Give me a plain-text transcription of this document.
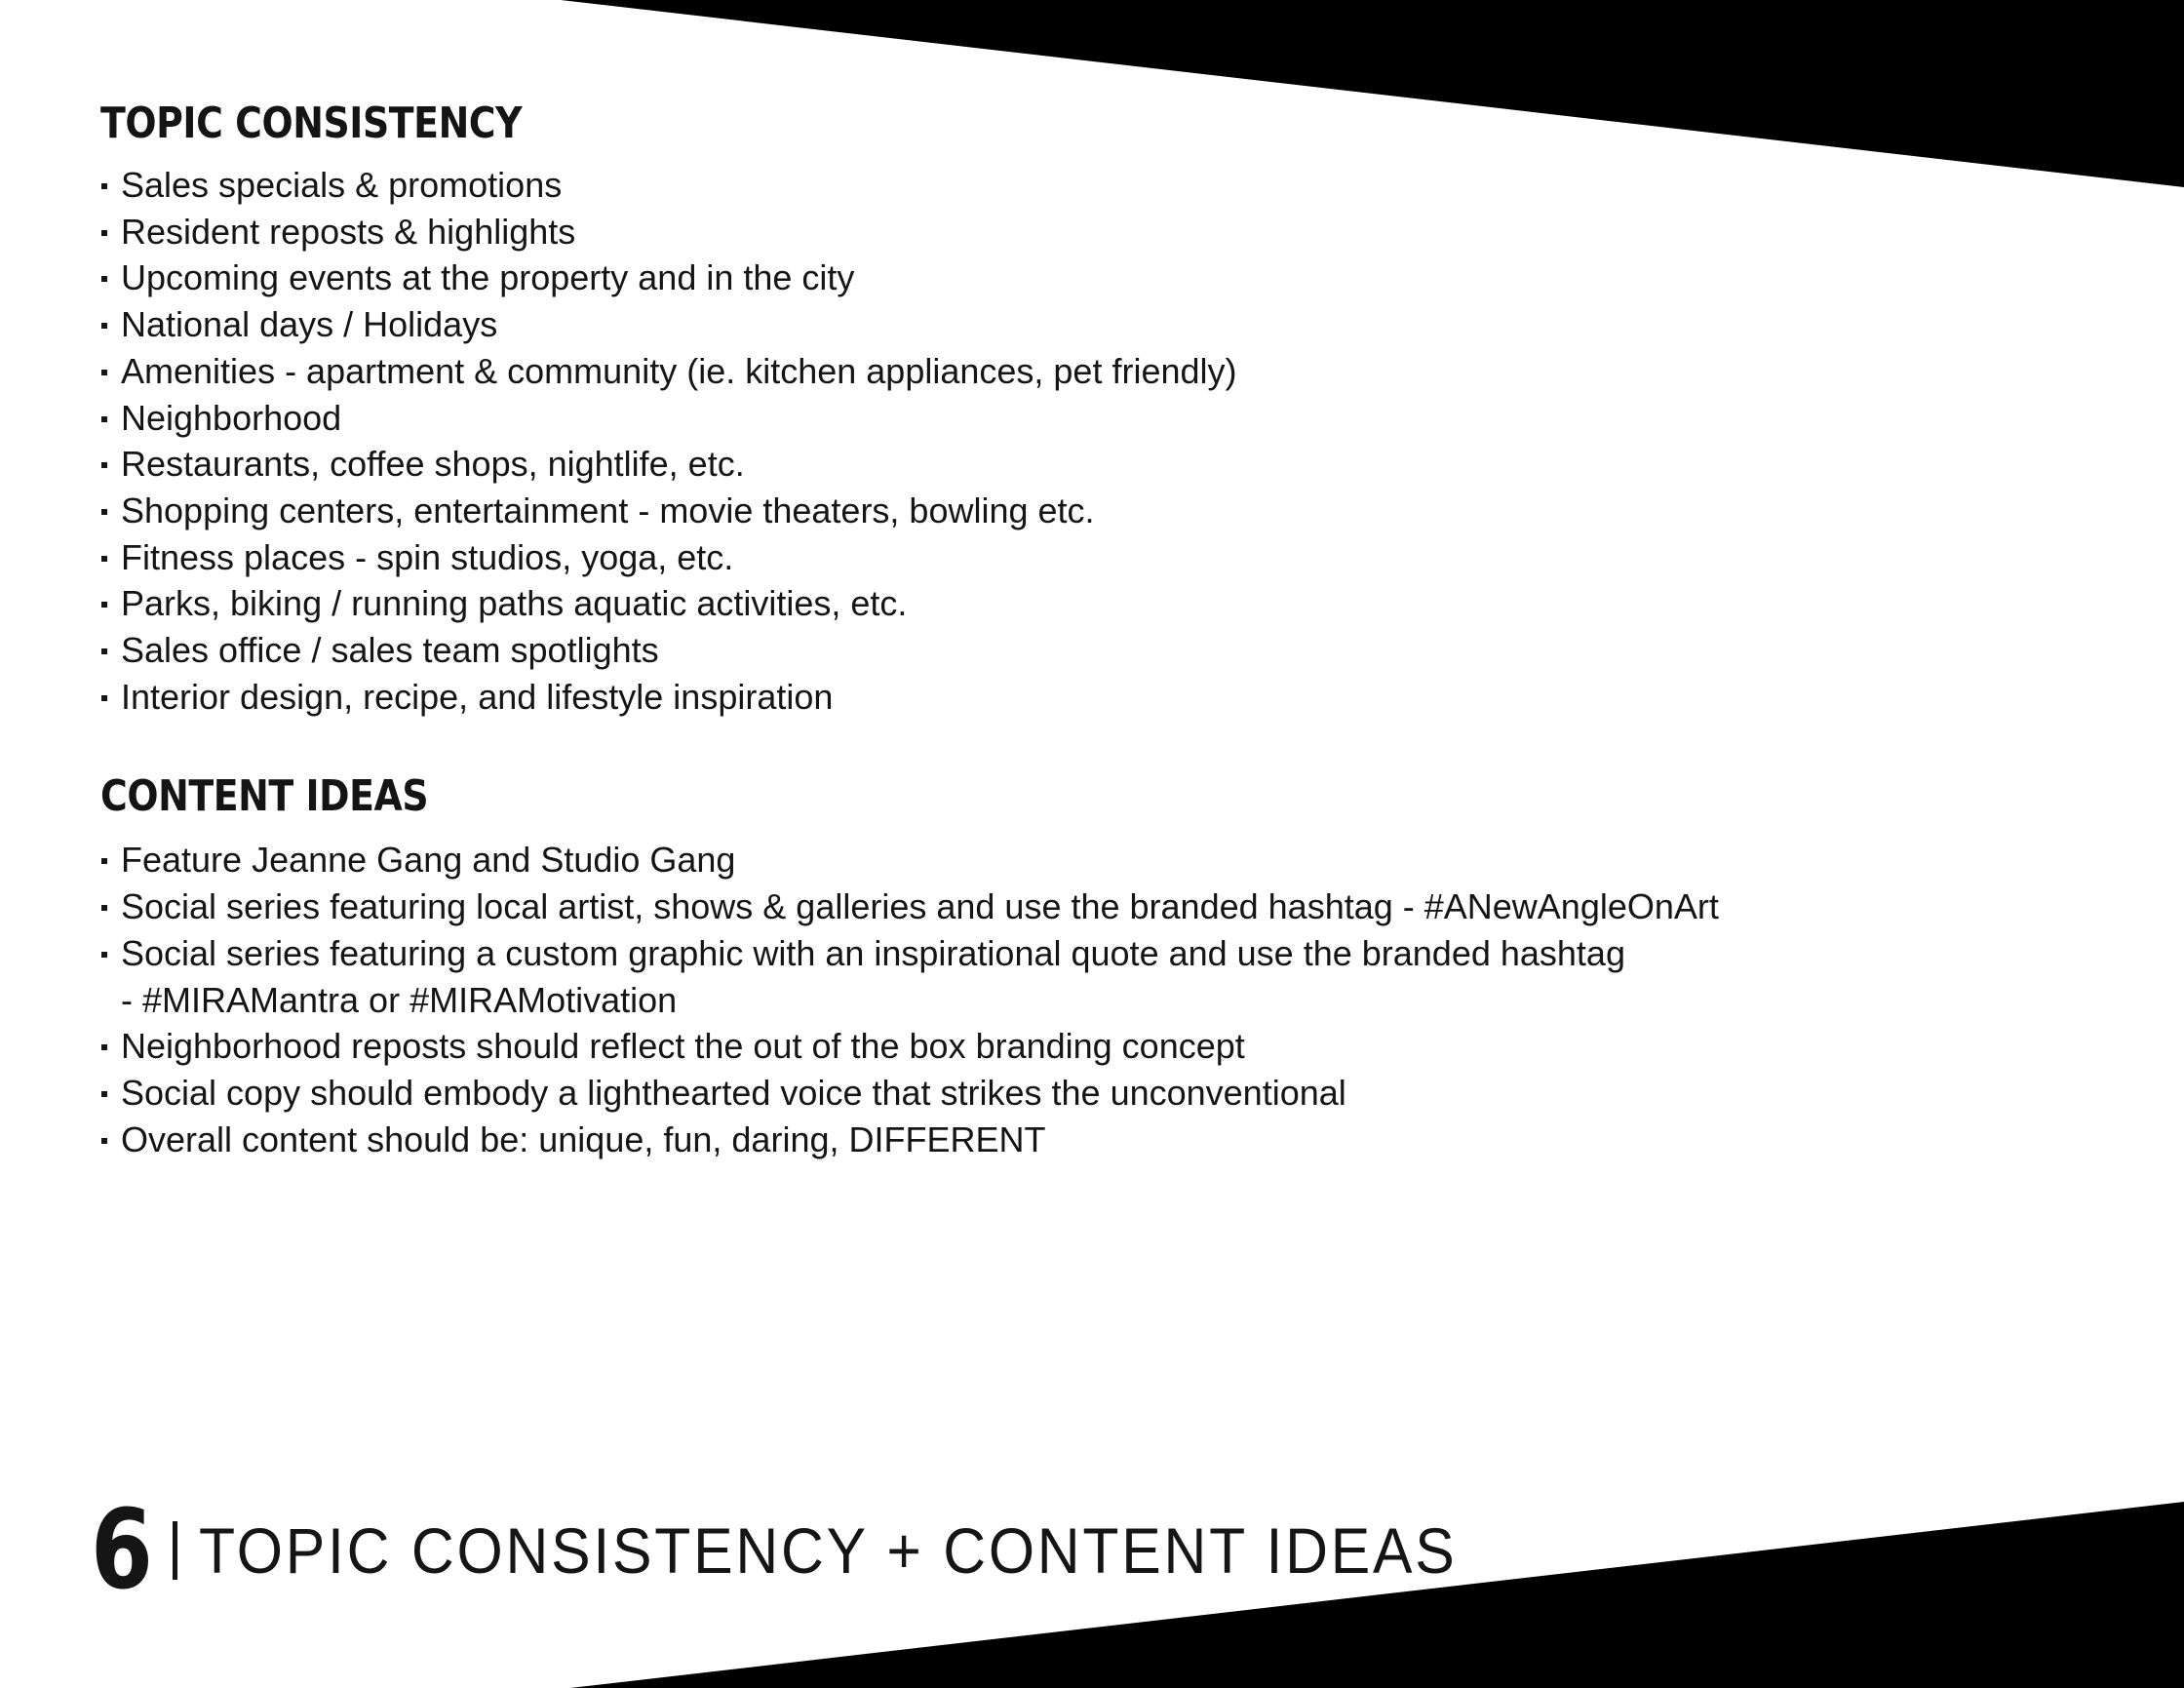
TOPIC CONSISTENCY
Sales specials & promotions
Resident reposts & highlights
Upcoming events at the property and in the city
National days / Holidays
Amenities - apartment & community (ie. kitchen appliances, pet friendly)
Neighborhood
Restaurants, coffee shops, nightlife, etc.
Shopping centers, entertainment - movie theaters, bowling etc.
Fitness places - spin studios, yoga, etc.
Parks, biking / running paths aquatic activities, etc.
Sales office / sales team spotlights
Interior design, recipe, and lifestyle inspiration
CONTENT IDEAS
Feature Jeanne Gang and Studio Gang
Social series featuring local artist, shows & galleries and use the branded hashtag - #ANewAngleOnArt
Social series featuring a custom graphic with an inspirational quote and use the branded hashtag - #MIRAMantra or #MIRAMotivation
Neighborhood reposts should reflect the out of the box branding concept
Social copy should embody a lighthearted voice that strikes the unconventional
Overall content should be: unique, fun, daring, DIFFERENT
6 TOPIC CONSISTENCY + CONTENT IDEAS
